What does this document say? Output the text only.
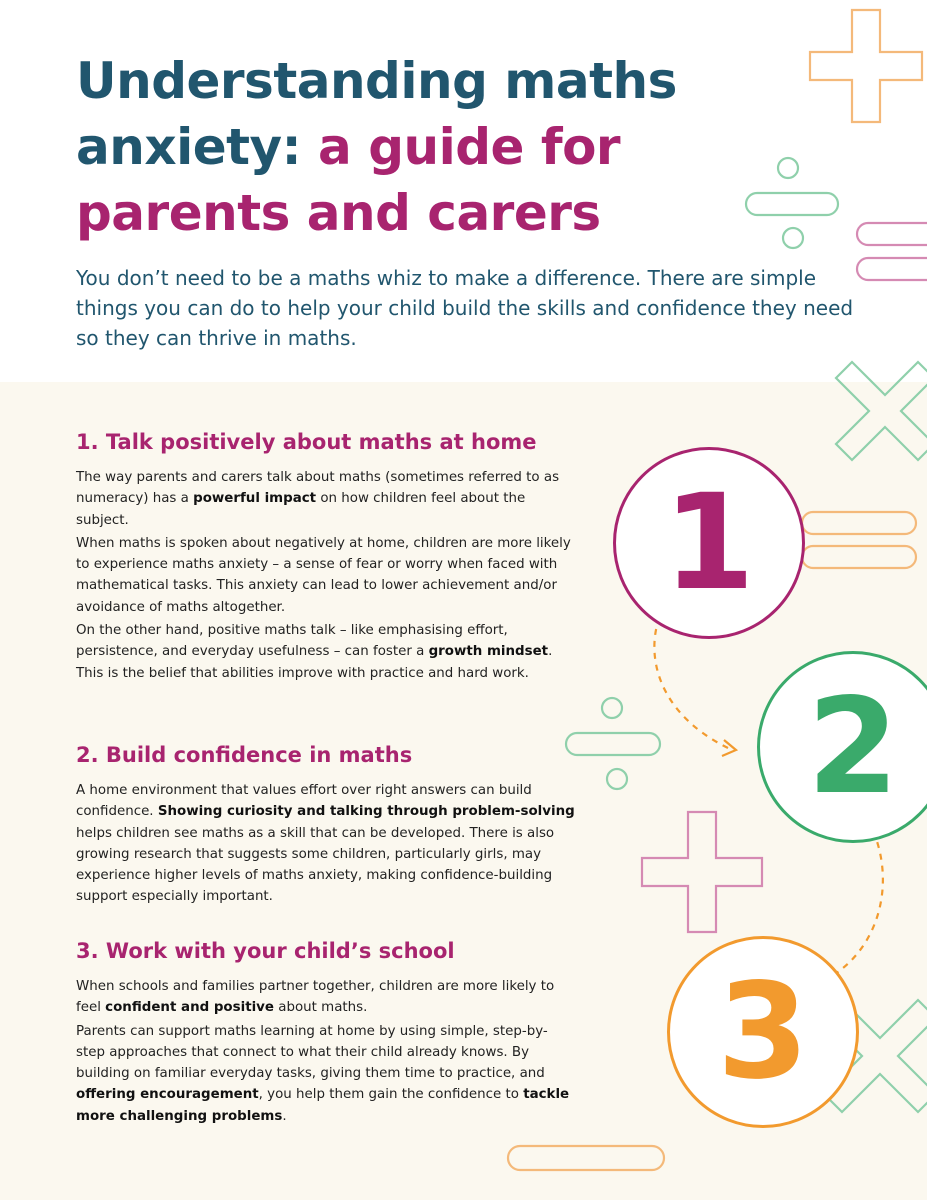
Understanding maths
anxiety: a guide for
parents and carers

You don’t need to be a maths whiz to make a difference. There are simple things you can do to help your child build the skills and confidence they need so they can thrive in maths.

1. Talk positively about maths at home

The way parents and carers talk about maths (sometimes referred to as numeracy) has a powerful impact on how children feel about the subject.

When maths is spoken about negatively at home, children are more likely to experience maths anxiety – a sense of fear or worry when faced with mathematical tasks. This anxiety can lead to lower achievement and/or avoidance of maths altogether.

On the other hand, positive maths talk – like emphasising effort, persistence, and everyday usefulness – can foster a growth mindset. This is the belief that abilities improve with practice and hard work.

2. Build confidence in maths

A home environment that values effort over right answers can build confidence. Showing curiosity and talking through problem-solving helps children see maths as a skill that can be developed. There is also growing research that suggests some children, particularly girls, may experience higher levels of maths anxiety, making confidence-building support especially important.

3. Work with your child’s school

When schools and families partner together, children are more likely to feel confident and positive about maths.

Parents can support maths learning at home by using simple, step-by-step approaches that connect to what their child already knows. By building on familiar everyday tasks, giving them time to practice, and offering encouragement, you help them gain the confidence to tackle more challenging problems.

1
2
3
